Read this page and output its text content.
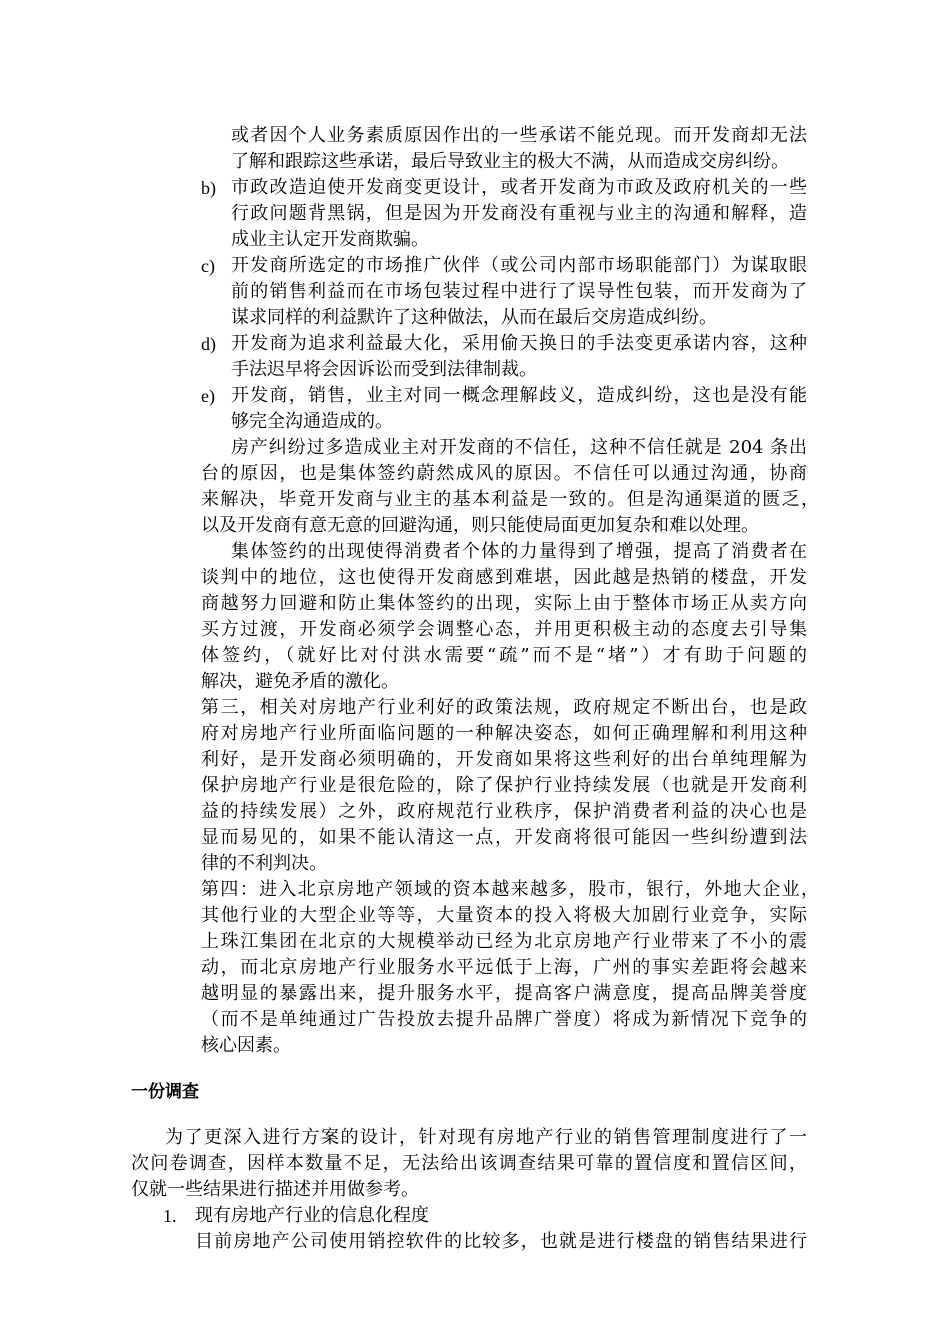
或者因个人业务素质原因作出的一些承诺不能兑现。而开发商却无法
了解和跟踪这些承诺，最后导致业主的极大不满，从而造成交房纠纷。
b) 市政改造迫使开发商变更设计，或者开发商为市政及政府机关的一些
行政问题背黑锅，但是因为开发商没有重视与业主的沟通和解释，造
成业主认定开发商欺骗。
c) 开发商所选定的市场推广伙伴（或公司内部市场职能部门）为谋取眼
前的销售利益而在市场包装过程中进行了误导性包装，而开发商为了
谋求同样的利益默许了这种做法，从而在最后交房造成纠纷。
d) 开发商为追求利益最大化，采用偷天换日的手法变更承诺内容，这种
手法迟早将会因诉讼而受到法律制裁。
e) 开发商，销售，业主对同一概念理解歧义，造成纠纷，这也是没有能
够完全沟通造成的。
房产纠纷过多造成业主对开发商的不信任，这种不信任就是 204 条出
台的原因，也是集体签约蔚然成风的原因。不信任可以通过沟通，协商
来解决，毕竟开发商与业主的基本利益是一致的。但是沟通渠道的匮乏，
以及开发商有意无意的回避沟通，则只能使局面更加复杂和难以处理。
集体签约的出现使得消费者个体的力量得到了增强，提高了消费者在
谈判中的地位，这也使得开发商感到难堪，因此越是热销的楼盘，开发
商越努力回避和防止集体签约的出现，实际上由于整体市场正从卖方向
买方过渡，开发商必须学会调整心态，并用更积极主动的态度去引导集
体签约，（就好比对付洪水需要“疏”而不是“堵”）才有助于问题的
解决，避免矛盾的激化。
第三，相关对房地产行业利好的政策法规，政府规定不断出台，也是政
府对房地产行业所面临问题的一种解决姿态，如何正确理解和利用这种
利好，是开发商必须明确的，开发商如果将这些利好的出台单纯理解为
保护房地产行业是很危险的，除了保护行业持续发展（也就是开发商利
益的持续发展）之外，政府规范行业秩序，保护消费者利益的决心也是
显而易见的，如果不能认清这一点，开发商将很可能因一些纠纷遭到法
律的不利判决。
第四：进入北京房地产领域的资本越来越多，股市，银行，外地大企业，
其他行业的大型企业等等，大量资本的投入将极大加剧行业竞争，实际
上珠江集团在北京的大规模举动已经为北京房地产行业带来了不小的震
动，而北京房地产行业服务水平远低于上海，广州的事实差距将会越来
越明显的暴露出来，提升服务水平，提高客户满意度，提高品牌美誉度
（而不是单纯通过广告投放去提升品牌广誉度）将成为新情况下竞争的
核心因素。
一份调查
为了更深入进行方案的设计，针对现有房地产行业的销售管理制度进行了一
次问卷调查，因样本数量不足，无法给出该调查结果可靠的置信度和置信区间，
仅就一些结果进行描述并用做参考。
1. 现有房地产行业的信息化程度
目前房地产公司使用销控软件的比较多，也就是进行楼盘的销售结果进行
